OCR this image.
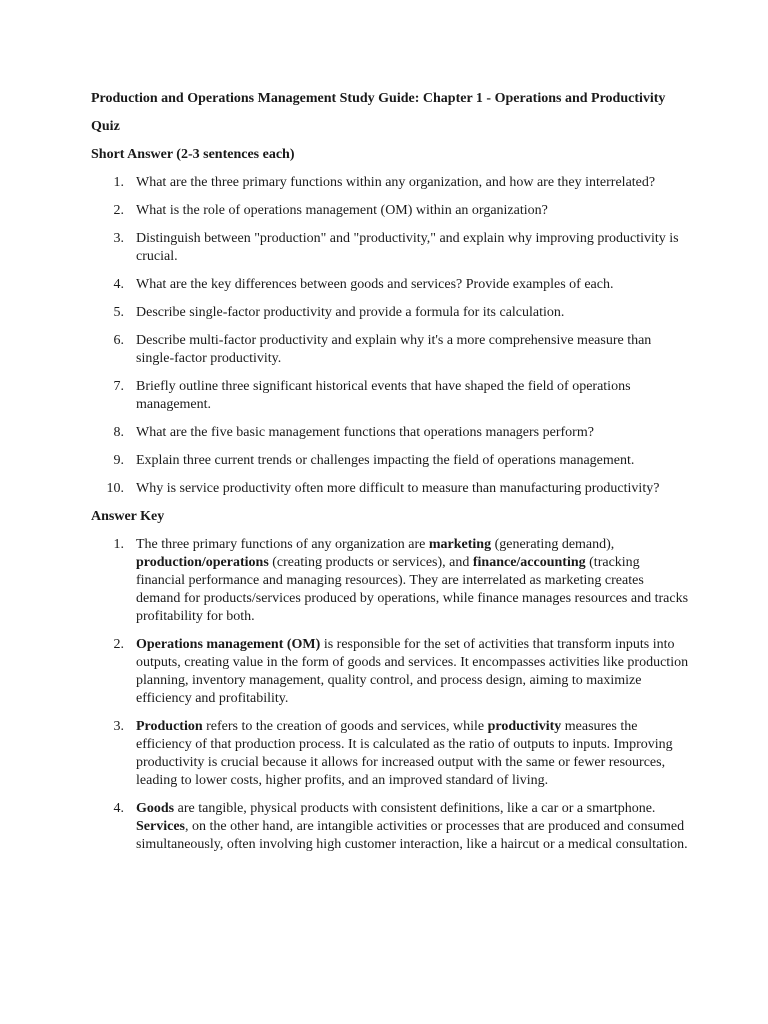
Production and Operations Management Study Guide: Chapter 1 - Operations and Productivity

Quiz

Short Answer (2-3 sentences each)

1. What are the three primary functions within any organization, and how are they interrelated?
2. What is the role of operations management (OM) within an organization?
3. Distinguish between "production" and "productivity," and explain why improving productivity is crucial.
4. What are the key differences between goods and services? Provide examples of each.
5. Describe single-factor productivity and provide a formula for its calculation.
6. Describe multi-factor productivity and explain why it's a more comprehensive measure than single-factor productivity.
7. Briefly outline three significant historical events that have shaped the field of operations management.
8. What are the five basic management functions that operations managers perform?
9. Explain three current trends or challenges impacting the field of operations management.
10. Why is service productivity often more difficult to measure than manufacturing productivity?

Answer Key

1. The three primary functions of any organization are marketing (generating demand), production/operations (creating products or services), and finance/accounting (tracking financial performance and managing resources). They are interrelated as marketing creates demand for products/services produced by operations, while finance manages resources and tracks profitability for both.
2. Operations management (OM) is responsible for the set of activities that transform inputs into outputs, creating value in the form of goods and services. It encompasses activities like production planning, inventory management, quality control, and process design, aiming to maximize efficiency and profitability.
3. Production refers to the creation of goods and services, while productivity measures the efficiency of that production process. It is calculated as the ratio of outputs to inputs. Improving productivity is crucial because it allows for increased output with the same or fewer resources, leading to lower costs, higher profits, and an improved standard of living.
4. Goods are tangible, physical products with consistent definitions, like a car or a smartphone. Services, on the other hand, are intangible activities or processes that are produced and consumed simultaneously, often involving high customer interaction, like a haircut or a medical consultation.
